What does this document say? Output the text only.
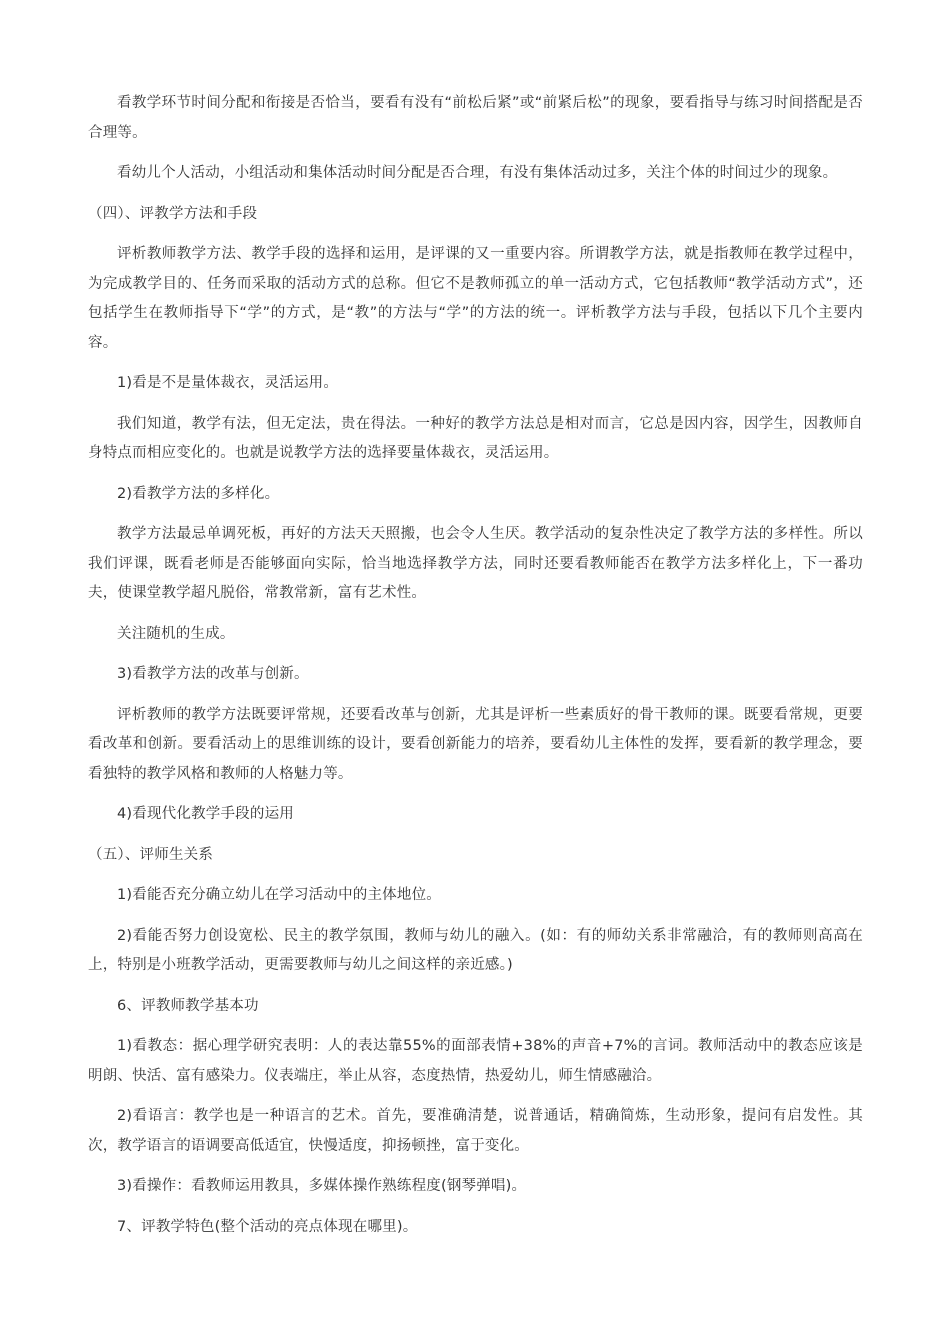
看教学环节时间分配和衔接是否恰当，要看有没有“前松后紧”或“前紧后松”的现象，要看指导与练习时间搭配是否合理等。

看幼儿个人活动，小组活动和集体活动时间分配是否合理，有没有集体活动过多，关注个体的时间过少的现象。

（四）、评教学方法和手段

评析教师教学方法、教学手段的选择和运用，是评课的又一重要内容。所谓教学方法，就是指教师在教学过程中，为完成教学目的、任务而采取的活动方式的总称。但它不是教师孤立的单一活动方式，它包括教师“教学活动方式”，还包括学生在教师指导下“学”的方式，是“教”的方法与“学”的方法的统一。评析教学方法与手段，包括以下几个主要内容。

1)看是不是量体裁衣，灵活运用。

我们知道，教学有法，但无定法，贵在得法。一种好的教学方法总是相对而言，它总是因内容，因学生，因教师自身特点而相应变化的。也就是说教学方法的选择要量体裁衣，灵活运用。

2)看教学方法的多样化。

教学方法最忌单调死板，再好的方法天天照搬，也会令人生厌。教学活动的复杂性决定了教学方法的多样性。所以我们评课，既看老师是否能够面向实际，恰当地选择教学方法，同时还要看教师能否在教学方法多样化上，下一番功夫，使课堂教学超凡脱俗，常教常新，富有艺术性。

关注随机的生成。

3)看教学方法的改革与创新。

评析教师的教学方法既要评常规，还要看改革与创新，尤其是评析一些素质好的骨干教师的课。既要看常规，更要看改革和创新。要看活动上的思维训练的设计，要看创新能力的培养，要看幼儿主体性的发挥，要看新的教学理念，要看独特的教学风格和教师的人格魅力等。

4)看现代化教学手段的运用

（五）、评师生关系

1)看能否充分确立幼儿在学习活动中的主体地位。

2)看能否努力创设宽松、民主的教学氛围，教师与幼儿的融入。(如：有的师幼关系非常融洽，有的教师则高高在上，特别是小班教学活动，更需要教师与幼儿之间这样的亲近感。)

6、评教师教学基本功

1)看教态：据心理学研究表明：人的表达靠55%的面部表情+38%的声音+7%的言词。教师活动中的教态应该是明朗、快活、富有感染力。仪表端庄，举止从容，态度热情，热爱幼儿，师生情感融洽。

2)看语言：教学也是一种语言的艺术。首先，要准确清楚，说普通话，精确简炼，生动形象，提问有启发性。其次，教学语言的语调要高低适宜，快慢适度，抑扬顿挫，富于变化。

3)看操作：看教师运用教具，多媒体操作熟练程度(钢琴弹唱)。

7、评教学特色(整个活动的亮点体现在哪里)。
